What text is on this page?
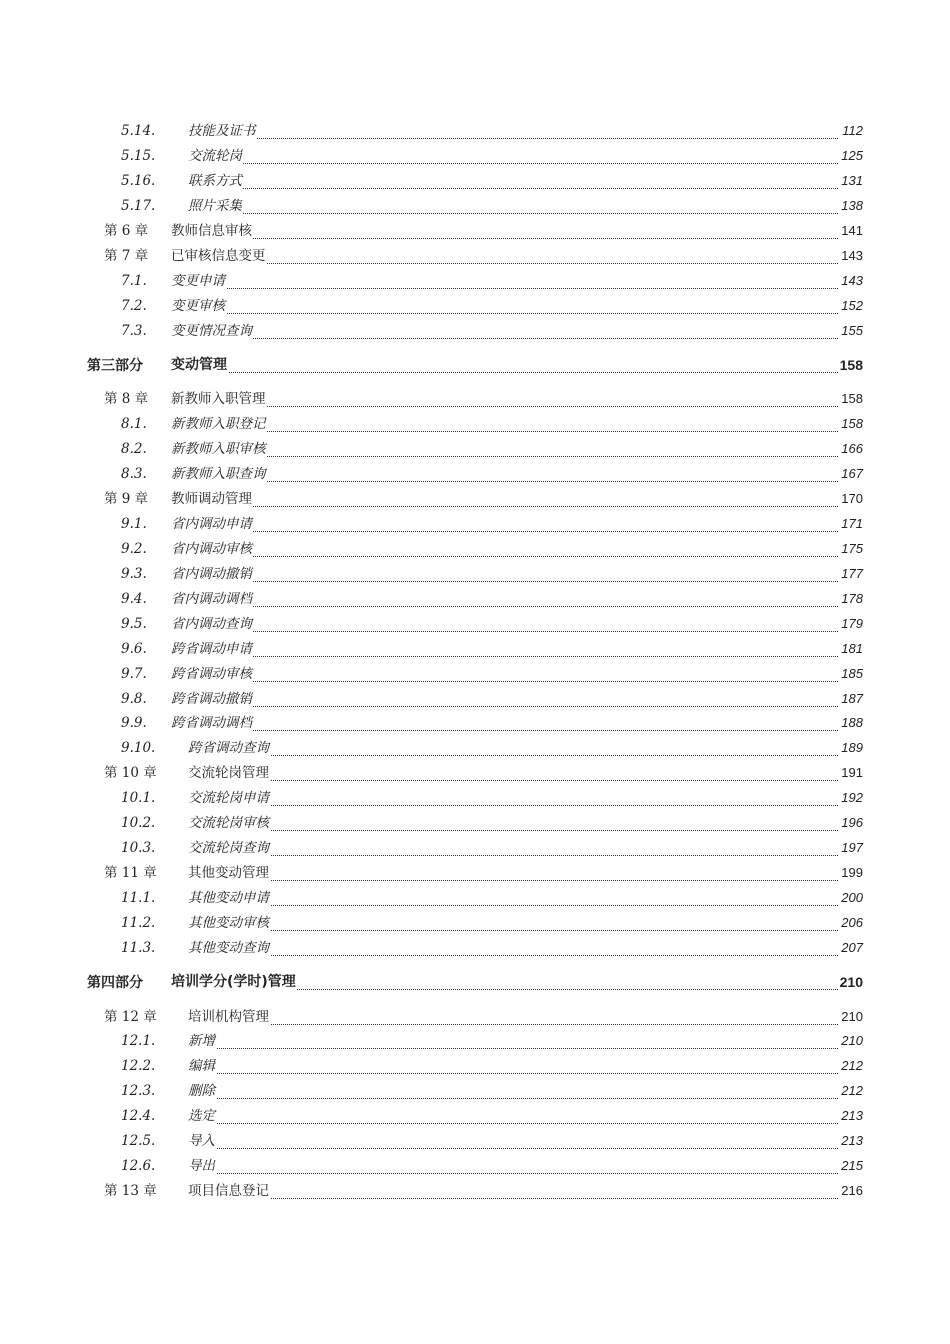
5.14. 技能及证书	112
5.15. 交流轮岗	125
5.16. 联系方式	131
5.17. 照片采集	138
第 6 章 教师信息审核	141
第 7 章 已审核信息变更	143
7.1. 变更申请	143
7.2. 变更审核	152
7.3. 变更情况查询	155
第三部分 变动管理	158
第 8 章 新教师入职管理	158
8.1. 新教师入职登记	158
8.2. 新教师入职审核	166
8.3. 新教师入职查询	167
第 9 章 教师调动管理	170
9.1. 省内调动申请	171
9.2. 省内调动审核	175
9.3. 省内调动撤销	177
9.4. 省内调动调档	178
9.5. 省内调动查询	179
9.6. 跨省调动申请	181
9.7. 跨省调动审核	185
9.8. 跨省调动撤销	187
9.9. 跨省调动调档	188
9.10. 跨省调动查询	189
第 10 章 交流轮岗管理	191
10.1. 交流轮岗申请	192
10.2. 交流轮岗审核	196
10.3. 交流轮岗查询	197
第 11 章 其他变动管理	199
11.1. 其他变动申请	200
11.2. 其他变动审核	206
11.3. 其他变动查询	207
第四部分 培训学分(学时)管理	210
第 12 章 培训机构管理	210
12.1. 新增	210
12.2. 编辑	212
12.3. 删除	212
12.4. 选定	213
12.5. 导入	213
12.6. 导出	215
第 13 章 项目信息登记	216
